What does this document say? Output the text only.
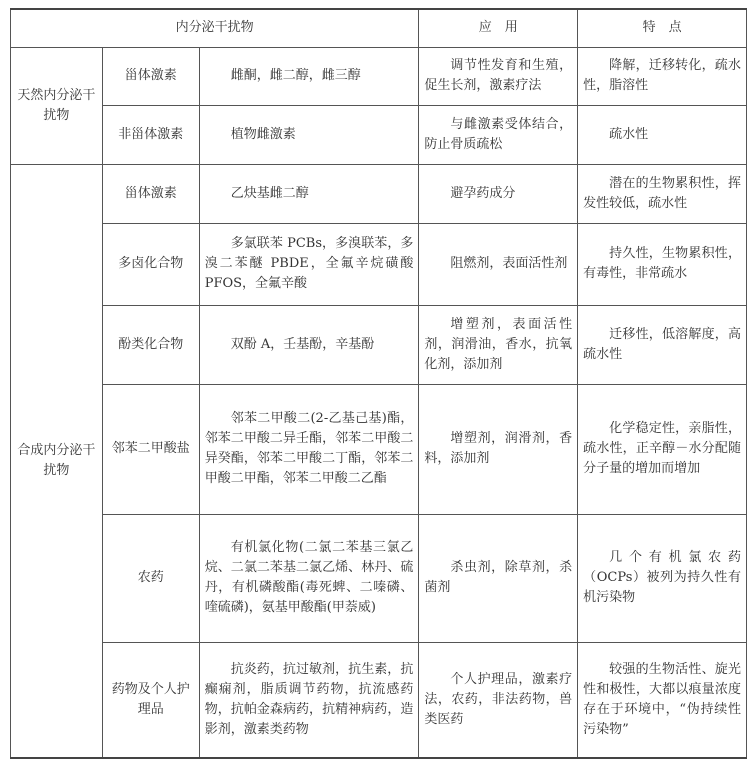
内分泌干扰物			应　用	特　点
天然内分泌干扰物	甾体激素	雌酮，雌二醇，雌三醇	调节性发育和生殖，促生长剂，激素疗法	降解，迁移转化，疏水性，脂溶性
	非甾体激素	植物雌激素	与雌激素受体结合，防止骨质疏松	疏水性
合成内分泌干扰物	甾体激素	乙炔基雌二醇	避孕药成分	潜在的生物累积性，挥发性较低，疏水性
	多卤化合物	多氯联苯 PCBs，多溴联苯，多溴二苯醚 PBDE，全氟辛烷磺酸 PFOS，全氟辛酸	阻燃剂，表面活性剂	持久性，生物累积性，有毒性，非常疏水
	酚类化合物	双酚 A，壬基酚，辛基酚	增塑剂，表面活性剂，润滑油，香水，抗氧化剂，添加剂	迁移性，低溶解度，高疏水性
	邻苯二甲酸盐	邻苯二甲酸二(2-乙基己基)酯，邻苯二甲酸二异壬酯，邻苯二甲酸二异癸酯，邻苯二甲酸二丁酯，邻苯二甲酸二甲酯，邻苯二甲酸二乙酯	增塑剂，润滑剂，香料，添加剂	化学稳定性，亲脂性，疏水性，正辛醇－水分配随分子量的增加而增加
	农药	有机氯化物(二氯二苯基三氯乙烷、二氯二苯基二氯乙烯、林丹、硫丹，有机磷酸酯(毒死蜱、二嗪磷、喹硫磷)，氨基甲酸酯(甲萘威)	杀虫剂，除草剂，杀菌剂	几个有机氯农药（OCPs）被列为持久性有机污染物
	药物及个人护理品	抗炎药，抗过敏剂，抗生素，抗癫痫剂，脂质调节药物，抗流感药物，抗帕金森病药，抗精神病药，造影剂，激素类药物	个人护理品，激素疗法，农药，非法药物，兽类医药	较强的生物活性、旋光性和极性，大都以痕量浓度存在于环境中，“伪持续性污染物”
